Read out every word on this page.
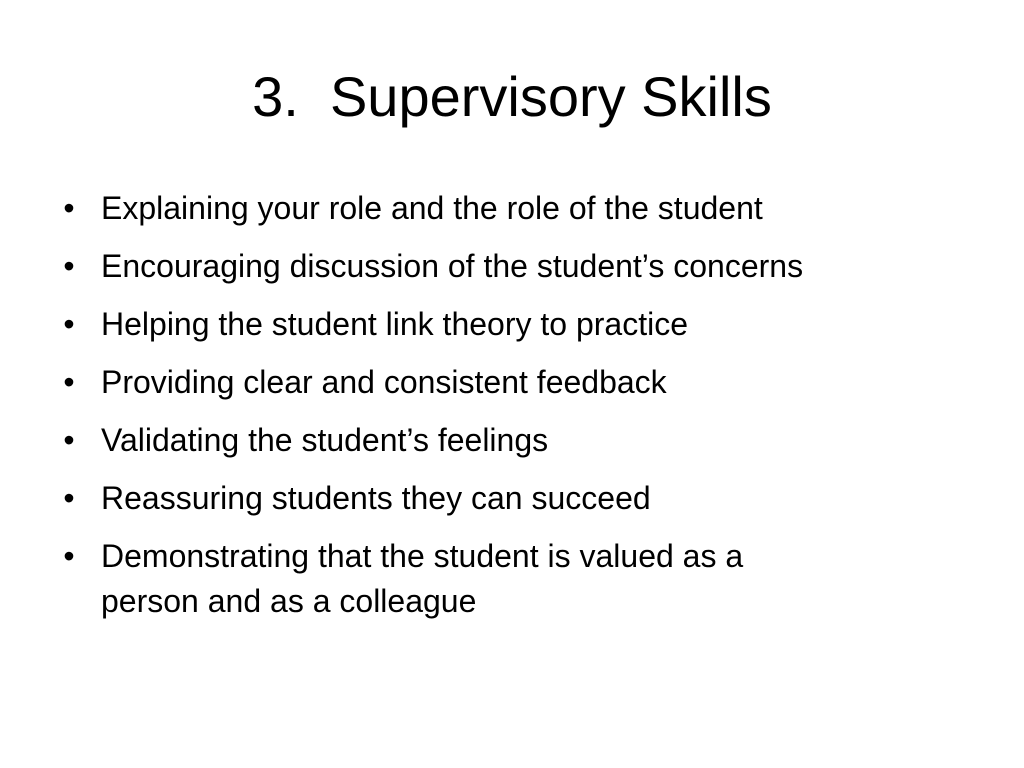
3.  Supervisory Skills
• Explaining your role and the role of the student
• Encouraging discussion of the student’s concerns
• Helping the student link theory to practice
• Providing clear and consistent feedback
• Validating the student’s feelings
• Reassuring students they can succeed
• Demonstrating that the student is valued as a person and as a colleague
